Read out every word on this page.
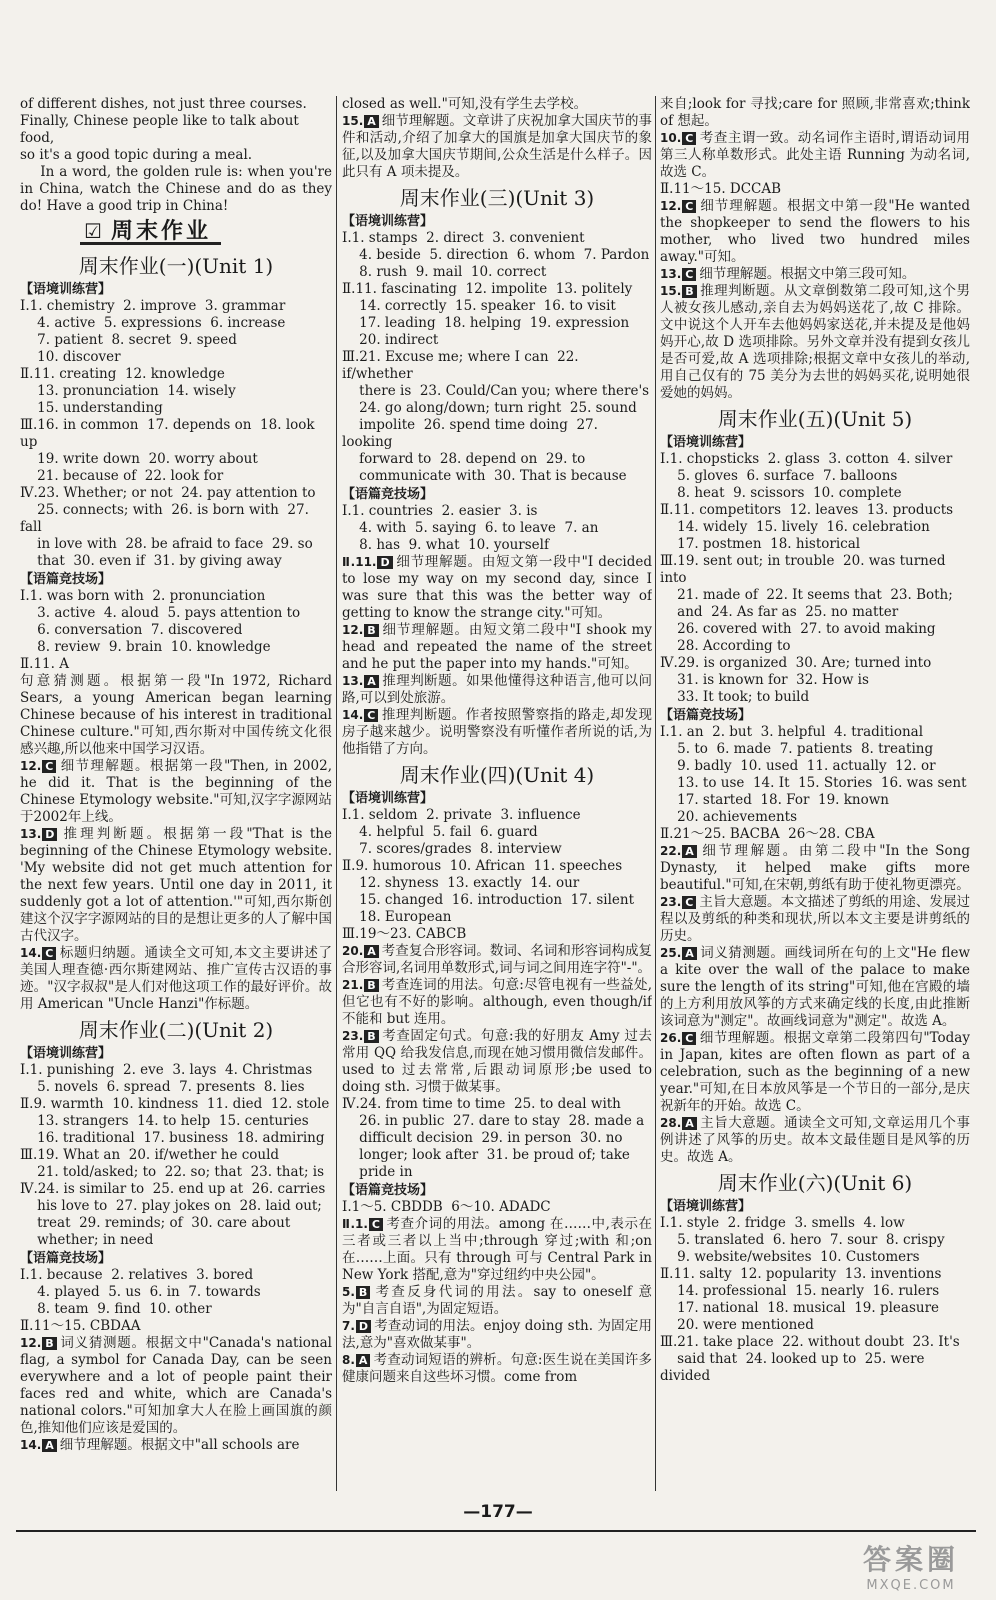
of different dishes, not just three courses.

Finally, Chinese people like to talk about food,

so it's a good topic during a meal.

In a word, the golden rule is: when you're in China, watch the Chinese and do as they do! Have a good trip in China!

☑ 周末作业
周末作业(一)(Unit 1)
【语境训练营】

Ⅰ.1. chemistry  2. improve  3. grammar

4. active  5. expressions  6. increase

7. patient  8. secret  9. speed

10. discover

Ⅱ.11. creating  12. knowledge

13. pronunciation  14. wisely

15. understanding

Ⅲ.16. in common  17. depends on  18. look up

19. write down  20. worry about

21. because of  22. look for

Ⅳ.23. Whether; or not  24. pay attention to

25. connects; with  26. is born with  27. fall

in love with  28. be afraid to face  29. so

that  30. even if  31. by giving away

【语篇竞技场】

Ⅰ.1. was born with  2. pronunciation

3. active  4. aloud  5. pays attention to

6. conversation  7. discovered

8. review  9. brain  10. knowledge

Ⅱ.11. A

句意猜测题。根据第一段"In 1972, Richard Sears, a young American began learning Chinese because of his interest in traditional Chinese culture."可知,西尔斯对中国传统文化很感兴趣,所以他来中国学习汉语。

12. C 细节理解题。根据第一段"Then, in 2002, he did it. That is the beginning of the Chinese Etymology website."可知,汉字字源网站于2002年上线。

13. D 推理判断题。根据第一段"That is the beginning of the Chinese Etymology website. 'My website did not get much attention for the next few years. Until one day in 2011, it suddenly got a lot of attention.'"可知,西尔斯创建这个汉字字源网站的目的是想让更多的人了解中国古代汉字。

14. C 标题归纳题。通读全文可知,本文主要讲述了美国人理查德·西尔斯建网站、推广宣传古汉语的事迹。"汉字叔叔"是人们对他这项工作的最好评价。故用 American "Uncle Hanzi"作标题。

周末作业(二)(Unit 2)
【语境训练营】

Ⅰ.1. punishing  2. eve  3. lays  4. Christmas

5. novels  6. spread  7. presents  8. lies

Ⅱ.9. warmth  10. kindness  11. died  12. stole

13. strangers  14. to help  15. centuries

16. traditional  17. business  18. admiring

Ⅲ.19. What an  20. if/wether he could

21. told/asked; to  22. so; that  23. that; is

Ⅳ.24. is similar to  25. end up at  26. carries

his love to  27. play jokes on  28. laid out;

treat  29. reminds; of  30. care about

whether; in need

【语篇竞技场】

Ⅰ.1. because  2. relatives  3. bored

4. played  5. us  6. in  7. towards

8. team  9. find  10. other

Ⅱ.11～15. CBDAA

12. B 词义猜测题。根据文中"Canada's national flag, a symbol for Canada Day, can be seen everywhere and a lot of people paint their faces red and white, which are Canada's national colors."可知加拿大人在脸上画国旗的颜色,推知他们应该是爱国的。

14. A 细节理解题。根据文中"all schools are

closed as well."可知,没有学生去学校。

15. A 细节理解题。文章讲了庆祝加拿大国庆节的事件和活动,介绍了加拿大的国旗是加拿大国庆节的象征,以及加拿大国庆节期间,公众生活是什么样子。因此只有 A 项未提及。

周末作业(三)(Unit 3)
【语境训练营】

Ⅰ.1. stamps  2. direct  3. convenient

4. beside  5. direction  6. whom  7. Pardon

8. rush  9. mail  10. correct

Ⅱ.11. fascinating  12. impolite  13. politely

14. correctly  15. speaker  16. to visit

17. leading  18. helping  19. expression

20. indirect

Ⅲ.21. Excuse me; where I can  22. if/whether

there is  23. Could/Can you; where there's

24. go along/down; turn right  25. sound

impolite  26. spend time doing  27. looking

forward to  28. depend on  29. to

communicate with  30. That is because

【语篇竞技场】

Ⅰ.1. countries  2. easier  3. is

4. with  5. saying  6. to leave  7. an

8. has  9. what  10. yourself

Ⅱ.11. D 细节理解题。由短文第一段中"I decided to lose my way on my second day, since I was sure that this was the better way of getting to know the strange city."可知。

12. B 细节理解题。由短文第二段中"I shook my head and repeated the name of the street and he put the paper into my hands."可知。

13. A 推理判断题。如果他懂得这种语言,他可以问路,可以到处旅游。

14. C 推理判断题。作者按照警察指的路走,却发现房子越来越少。说明警察没有听懂作者所说的话,为他指错了方向。

周末作业(四)(Unit 4)
【语境训练营】

Ⅰ.1. seldom  2. private  3. influence

4. helpful  5. fail  6. guard

7. scores/grades  8. interview

Ⅱ.9. humorous  10. African  11. speeches

12. shyness  13. exactly  14. our

15. changed  16. introduction  17. silent

18. European

Ⅲ.19～23. CABCB

20. A 考查复合形容词。数词、名词和形容词构成复合形容词,名词用单数形式,词与词之间用连字符"-"。

21. B 考查连词的用法。句意:尽管电视有一些益处,但它也有不好的影响。although, even though/if 不能和 but 连用。

23. B 考查固定句式。句意:我的好朋友 Amy 过去常用 QQ 给我发信息,而现在她习惯用微信发邮件。used to 过去常常,后跟动词原形;be used to doing sth. 习惯于做某事。

Ⅳ.24. from time to time  25. to deal with

26. in public  27. dare to stay  28. made a

difficult decision  29. in person  30. no

longer; look after  31. be proud of; take

pride in

【语篇竞技场】

Ⅰ.1～5. CBDDB  6～10. ADADC

Ⅱ.1. C 考查介词的用法。among 在……中,表示在三者或三者以上当中;through 穿过;with 和;on 在……上面。只有 through 可与 Central Park in New York 搭配,意为"穿过纽约中央公园"。

5. B 考查反身代词的用法。say to oneself 意为"自言自语",为固定短语。

7. D 考查动词的用法。enjoy doing sth. 为固定用法,意为"喜欢做某事"。

8. A 考查动词短语的辨析。句意:医生说在美国许多健康问题来自这些坏习惯。come from

来自;look for 寻找;care for 照顾,非常喜欢;think of 想起。

10. C 考查主谓一致。动名词作主语时,谓语动词用第三人称单数形式。此处主语 Running 为动名词,故选 C。

Ⅱ.11～15. DCCAB

12. C 细节理解题。根据文中第一段"He wanted the shopkeeper to send the flowers to his mother, who lived two hundred miles away."可知。

13. C 细节理解题。根据文中第三段可知。

15. B 推理判断题。从文章倒数第二段可知,这个男人被女孩儿感动,亲自去为妈妈送花了,故 C 排除。文中说这个人开车去他妈妈家送花,并未提及是他妈妈开心,故 D 选项排除。另外文章并没有提到女孩儿是否可爱,故 A 选项排除;根据文章中女孩儿的举动,用自己仅有的 75 美分为去世的妈妈买花,说明她很爱她的妈妈。

周末作业(五)(Unit 5)
【语境训练营】

Ⅰ.1. chopsticks  2. glass  3. cotton  4. silver

5. gloves  6. surface  7. balloons

8. heat  9. scissors  10. complete

Ⅱ.11. competitors  12. leaves  13. products

14. widely  15. lively  16. celebration

17. postmen  18. historical

Ⅲ.19. sent out; in trouble  20. was turned into

21. made of  22. It seems that  23. Both;

and  24. As far as  25. no matter

26. covered with  27. to avoid making

28. According to

Ⅳ.29. is organized  30. Are; turned into

31. is known for  32. How is

33. It took; to build

【语篇竞技场】

Ⅰ.1. an  2. but  3. helpful  4. traditional

5. to  6. made  7. patients  8. treating

9. badly  10. used  11. actually  12. or

13. to use  14. It  15. Stories  16. was sent

17. started  18. For  19. known

20. achievements

Ⅱ.21～25. BACBA  26～28. CBA

22. A 细节理解题。由第二段中"In the Song Dynasty, it helped make gifts more beautiful."可知,在宋朝,剪纸有助于使礼物更漂亮。

23. C 主旨大意题。本文描述了剪纸的用途、发展过程以及剪纸的种类和现状,所以本文主要是讲剪纸的历史。

25. A 词义猜测题。画线词所在句的上文"He flew a kite over the wall of the palace to make sure the length of its string"可知,他在宫殿的墙的上方利用放风筝的方式来确定线的长度,由此推断该词意为"测定"。故画线词意为"测定"。故选 A。

26. C 细节理解题。根据文章第二段第四句"Today in Japan, kites are often flown as part of a celebration, such as the beginning of a new year."可知,在日本放风筝是一个节日的一部分,是庆祝新年的开始。故选 C。

28. A 主旨大意题。通读全文可知,文章运用几个事例讲述了风筝的历史。故本文最佳题目是风筝的历史。故选 A。

周末作业(六)(Unit 6)
【语境训练营】

Ⅰ.1. style  2. fridge  3. smells  4. low

5. translated  6. hero  7. sour  8. crispy

9. website/websites  10. Customers

Ⅱ.11. salty  12. popularity  13. inventions

14. professional  15. nearly  16. rulers

17. national  18. musical  19. pleasure

20. were mentioned

Ⅲ.21. take place  22. without doubt  23. It's

said that  24. looked up to  25. were divided

—177—
答案圈
MXQE.COM
